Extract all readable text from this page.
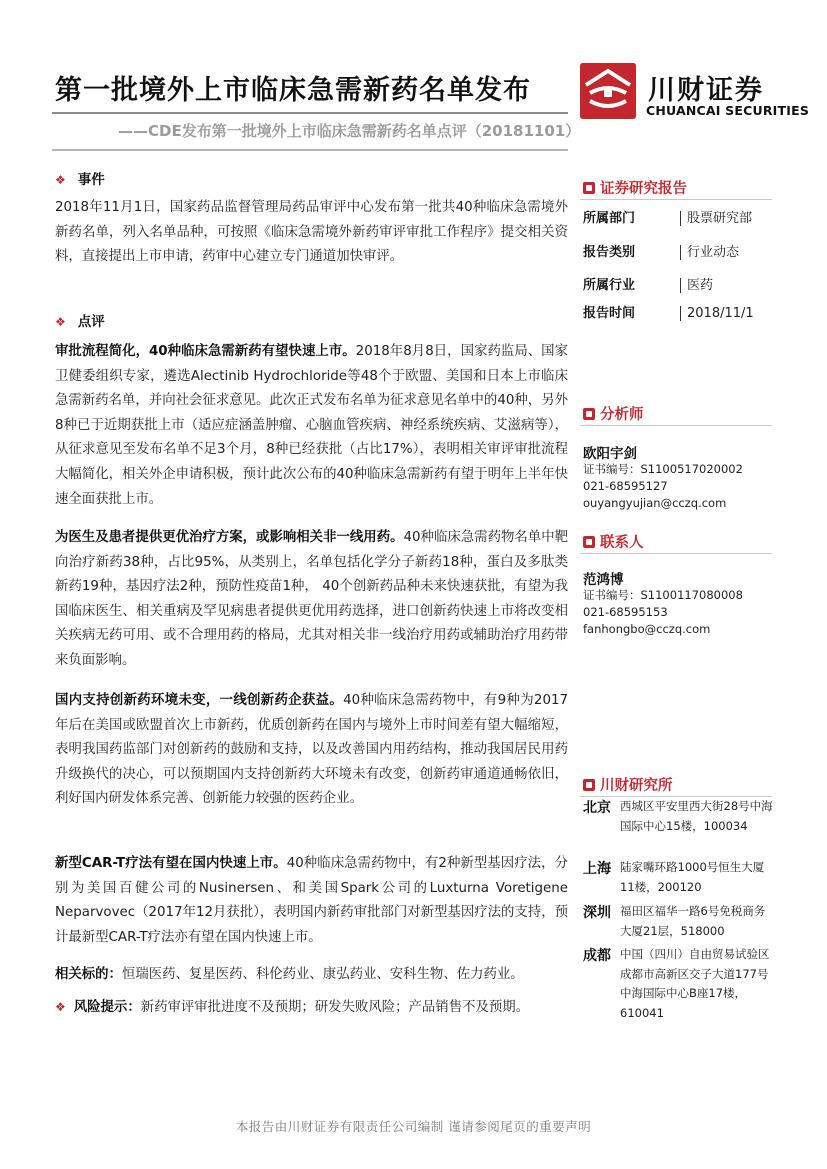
第一批境外上市临床急需新药名单发布
——CDE发布第一批境外上市临床急需新药名单点评（20181101）
川财证券
CHUANCAI SECURITIES
❖ 事件
2018年11月1日，国家药品监督管理局药品审评中心发布第一批共40种临床急需境外新药名单，列入名单品种，可按照《临床急需境外新药审评审批工作程序》提交相关资料，直接提出上市申请，药审中心建立专门通道加快审评。
❖ 点评
审批流程简化，40种临床急需新药有望快速上市。2018年8月8日，国家药监局、国家卫健委组织专家，遴选Alectinib Hydrochloride等48个于欧盟、美国和日本上市临床急需新药名单，并向社会征求意见。此次正式发布名单为征求意见名单中的40种，另外8种已于近期获批上市（适应症涵盖肿瘤、心脑血管疾病、神经系统疾病、艾滋病等），从征求意见至发布名单不足3个月，8种已经获批（占比17%），表明相关审评审批流程大幅简化，相关外企申请积极，预计此次公布的40种临床急需新药有望于明年上半年快速全面获批上市。
为医生及患者提供更优治疗方案，或影响相关非一线用药。40种临床急需药物名单中靶向治疗新药38种，占比95%，从类别上，名单包括化学分子新药18种，蛋白及多肽类新药19种，基因疗法2种，预防性疫苗1种， 40个创新药品种未来快速获批，有望为我国临床医生、相关重病及罕见病患者提供更优用药选择，进口创新药快速上市将改变相关疾病无药可用、或不合理用药的格局，尤其对相关非一线治疗用药或辅助治疗用药带来负面影响。
国内支持创新药环境未变，一线创新药企获益。40种临床急需药物中，有9种为2017年后在美国或欧盟首次上市新药，优质创新药在国内与境外上市时间差有望大幅缩短，表明我国药监部门对创新药的鼓励和支持，以及改善国内用药结构，推动我国居民用药升级换代的决心，可以预期国内支持创新药大环境未有改变，创新药审通道通畅依旧，利好国内研发体系完善、创新能力较强的医药企业。
新型CAR-T疗法有望在国内快速上市。40种临床急需药物中，有2种新型基因疗法，分别为美国百健公司的Nusinersen、和美国Spark公司的Luxturna Voretigene Neparvovec（2017年12月获批），表明国内新药审批部门对新型基因疗法的支持，预计最新型CAR-T疗法亦有望在国内快速上市。
相关标的：恒瑞医药、复星医药、科伦药业、康弘药业、安科生物、佐力药业。
❖ 风险提示：新药审评审批进度不及预期；研发失败风险；产品销售不及预期。
证券研究报告
所属部门	股票研究部
报告类别	行业动态
所属行业	医药
报告时间	2018/11/1
分析师
欧阳宇剑
证书编号：S1100517020002
021-68595127
ouyangyujian@cczq.com
联系人
范鸿博
证书编号：S1100117080008
021-68595153
fanhongbo@cczq.com
川财研究所
北京 西城区平安里西大街28号中海国际中心15楼，100034
上海 陆家嘴环路1000号恒生大厦11楼，200120
深圳 福田区福华一路6号免税商务大厦21层，518000
成都 中国（四川）自由贸易试验区成都市高新区交子大道177号中海国际中心B座17楼，610041
本报告由川财证券有限责任公司编制 谨请参阅尾页的重要声明
